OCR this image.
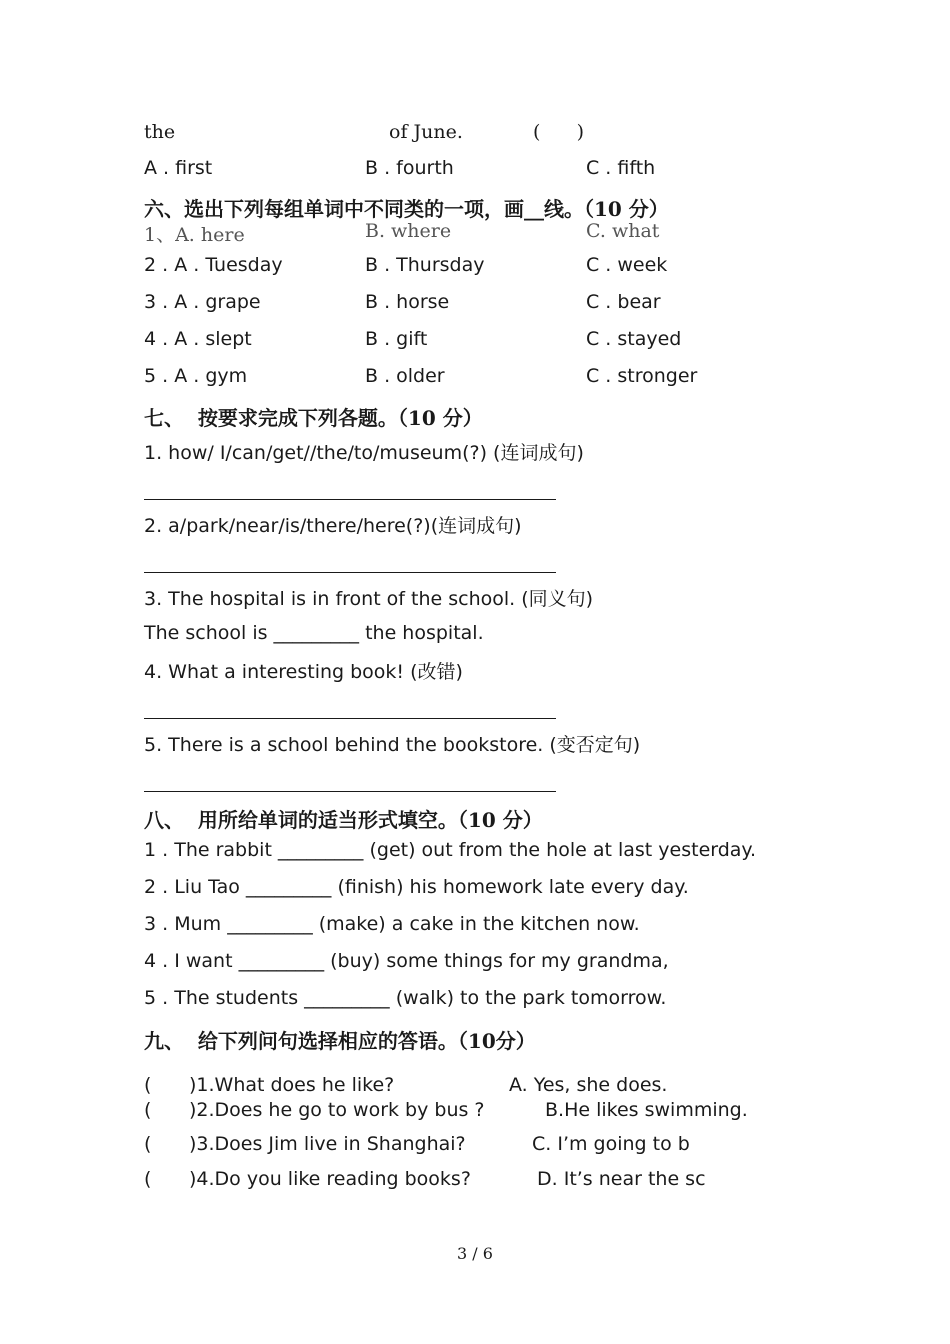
the	of June.	(      )
A . first	B . fourth	C . fifth
六、选出下列每组单词中不同类的一项，画__线。（10 分）
1、A. here	B. where	C. what
2 . A . Tuesday	B . Thursday	C . week
3 . A . grape	B . horse	C . bear
4 . A . slept	B . gift	C . stayed
5 . A . gym	B . older	C . stronger
七、  按要求完成下列各题。（10 分）
1. how/ I/can/get//the/to/museum(?) (连词成句)
2. a/park/near/is/there/here(?)(连词成句)
3. The hospital is in front of the school. (同义句)
The school is _________ the hospital.
4. What a interesting book! (改错)
5. There is a school behind the bookstore. (变否定句)
八、  用所给单词的适当形式填空。（10 分）
1 . The rabbit _________ (get) out from the hole at last yesterday.
2 . Liu Tao _________ (finish) his homework late every day.
3 . Mum _________ (make) a cake in the kitchen now.
4 . I want _________ (buy) some things for my grandma,
5 . The students _________ (walk) to the park tomorrow.
九、  给下列问句选择相应的答语。（10分）
( )1.What does he like?	A. Yes, she does.
( )2.Does he go to work by bus ?	B.He likes swimming.
( )3.Does Jim live in Shanghai?	C. I’m going to b
( )4.Do you like reading books?	D. It’s near the sc
3 / 6
